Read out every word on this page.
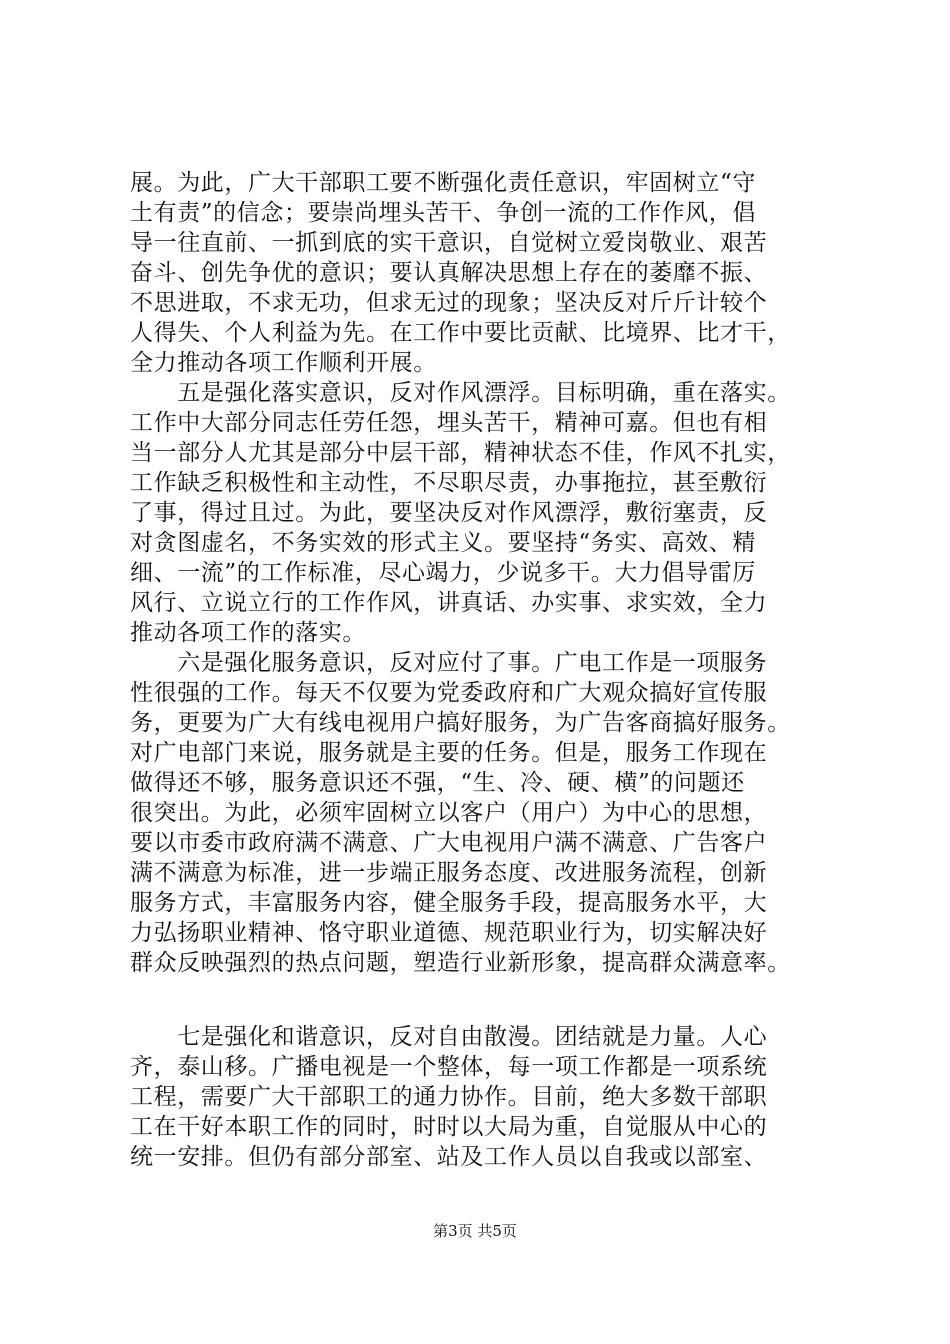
展。为此，广大干部职工要不断强化责任意识，牢固树立“守
土有责”的信念；要崇尚埋头苦干、争创一流的工作作风，倡
导一往直前、一抓到底的实干意识，自觉树立爱岗敬业、艰苦
奋斗、创先争优的意识；要认真解决思想上存在的萎靡不振、
不思进取，不求无功，但求无过的现象；坚决反对斤斤计较个
人得失、个人利益为先。在工作中要比贡献、比境界、比才干，
全力推动各项工作顺利开展。
　　五是强化落实意识，反对作风漂浮。目标明确，重在落实。
工作中大部分同志任劳任怨，埋头苦干，精神可嘉。但也有相
当一部分人尤其是部分中层干部，精神状态不佳，作风不扎实，
工作缺乏积极性和主动性，不尽职尽责，办事拖拉，甚至敷衍
了事，得过且过。为此，要坚决反对作风漂浮，敷衍塞责，反
对贪图虚名，不务实效的形式主义。要坚持“务实、高效、精
细、一流”的工作标准，尽心竭力，少说多干。大力倡导雷厉
风行、立说立行的工作作风，讲真话、办实事、求实效，全力
推动各项工作的落实。
　　六是强化服务意识，反对应付了事。广电工作是一项服务
性很强的工作。每天不仅要为党委政府和广大观众搞好宣传服
务，更要为广大有线电视用户搞好服务，为广告客商搞好服务。
对广电部门来说，服务就是主要的任务。但是，服务工作现在
做得还不够，服务意识还不强，“生、冷、硬、横”的问题还
很突出。为此，必须牢固树立以客户（用户）为中心的思想，
要以市委市政府满不满意、广大电视用户满不满意、广告客户
满不满意为标准，进一步端正服务态度、改进服务流程，创新
服务方式，丰富服务内容，健全服务手段，提高服务水平，大
力弘扬职业精神、恪守职业道德、规范职业行为，切实解决好
群众反映强烈的热点问题，塑造行业新形象，提高群众满意率。
　　七是强化和谐意识，反对自由散漫。团结就是力量。人心
齐，泰山移。广播电视是一个整体，每一项工作都是一项系统
工程，需要广大干部职工的通力协作。目前，绝大多数干部职
工在干好本职工作的同时，时时以大局为重，自觉服从中心的
统一安排。但仍有部分部室、站及工作人员以自我或以部室、
第3页 共5页
